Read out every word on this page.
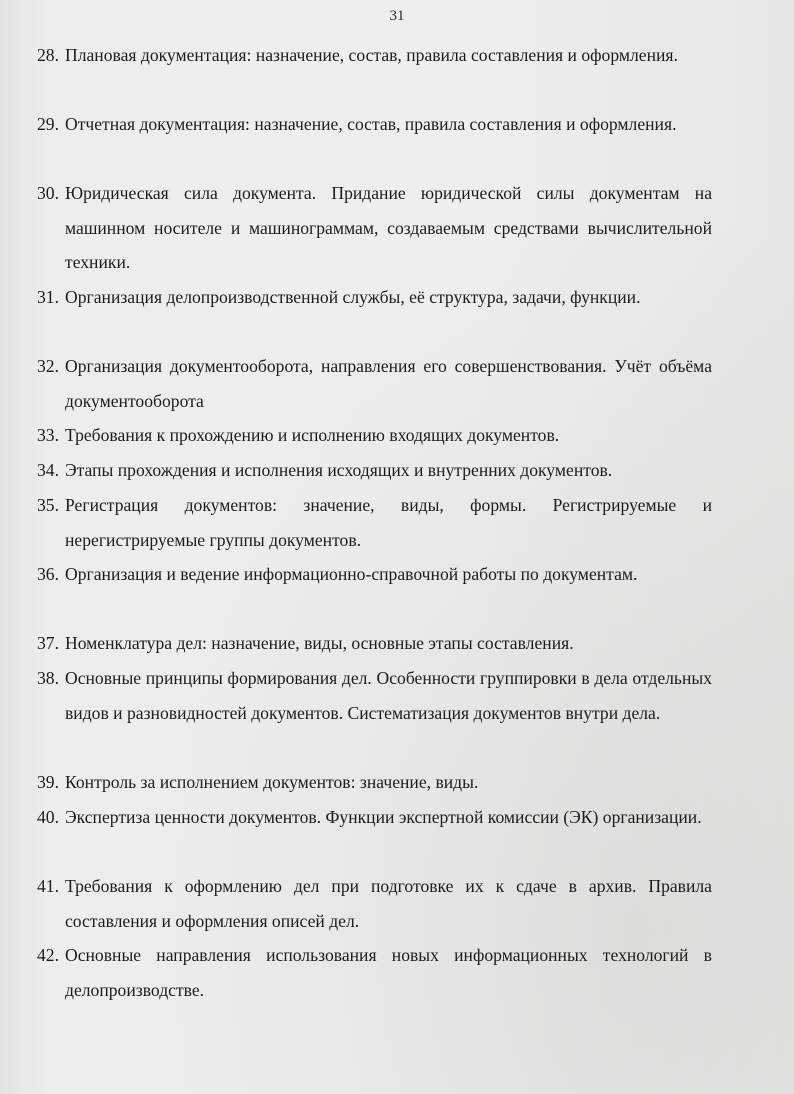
31
28. Плановая документация: назначение, состав, правила составления и оформления.
29. Отчетная документация: назначение, состав, правила составления и оформления.
30. Юридическая сила документа. Придание юридической силы документам на машинном носителе и машинограммам, создаваемым средствами вычислительной техники.
31. Организация делопроизводственной службы, её структура, задачи, функции.
32. Организация документооборота, направления его совершенствования. Учёт объёма документооборота
33. Требования к прохождению и исполнению входящих документов.
34. Этапы прохождения и исполнения исходящих и внутренних документов.
35. Регистрация документов: значение, виды, формы. Регистрируемые и нерегистрируемые группы документов.
36. Организация и ведение информационно-справочной работы по документам.
37. Номенклатура дел: назначение, виды, основные этапы составления.
38. Основные принципы формирования дел. Особенности группировки в дела отдельных видов и разновидностей документов. Систематизация документов внутри дела.
39. Контроль за исполнением документов: значение, виды.
40. Экспертиза ценности документов. Функции экспертной комиссии (ЭК) организации.
41. Требования к оформлению дел при подготовке их к сдаче в архив. Правила составления и оформления описей дел.
42. Основные направления использования новых информационных технологий в делопроизводстве.
